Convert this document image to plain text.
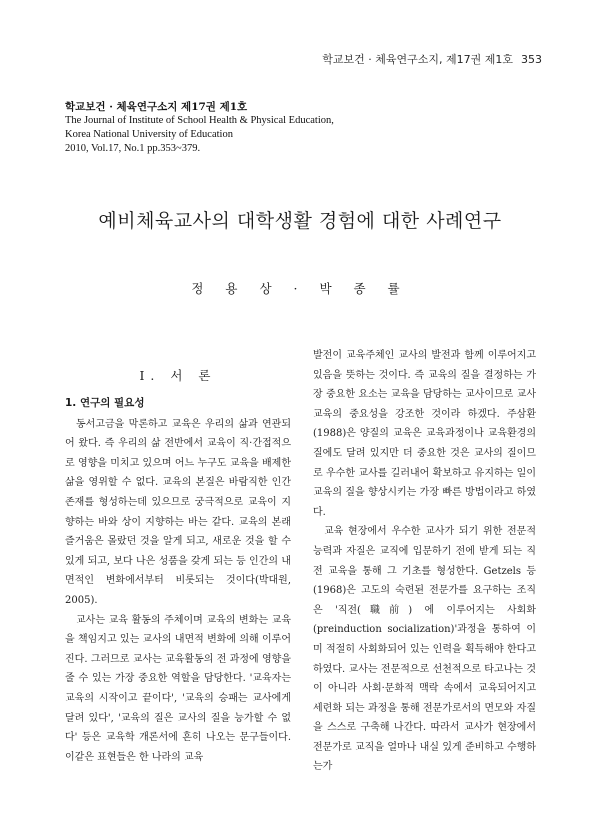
학교보건 · 체육연구소지, 제17권 제1호 353
학교보건 · 체육연구소지 제17권 제1호
The Journal of Institute of School Health & Physical Education,
Korea National University of Education
2010, Vol.17, No.1 pp.353~379.
예비체육교사의 대학생활 경험에 대한 사례연구
정 용 상 · 박 종 률
Ⅰ. 서 론
1. 연구의 필요성

동서고금을 막론하고 교육은 우리의 삶과 연관되어 왔다. 즉 우리의 삶 전반에서 교육이 직·간접적으로 영향을 미치고 있으며 어느 누구도 교육을 배제한 삶을 영위할 수 없다. 교육의 본질은 바람직한 인간 존재를 형성하는데 있으므로 궁극적으로 교육이 지향하는 바와 상이 지향하는 바는 같다. 교육의 본래 즐거움은 몰랐던 것을 알게 되고, 새로운 것을 할 수 있게 되고, 보다 나은 성품을 갖게 되는 등 인간의 내면적인 변화에서부터 비롯되는 것이다(박대원, 2005).

교사는 교육 활동의 주체이며 교육의 변화는 교육을 책임지고 있는 교사의 내면적 변화에 의해 이루어진다. 그러므로 교사는 교육활동의 전 과정에 영향을 줄 수 있는 가장 중요한 역할을 담당한다. '교육자는 교육의 시작이고 끝이다', '교육의 승패는 교사에게 달려 있다', '교육의 질은 교사의 질을 능가할 수 없다' 등은 교육학 개론서에 흔히 나오는 문구들이다. 이같은 표현들은 한 나라의 교육

발전이 교육주체인 교사의 발전과 함께 이루어지고 있음을 뜻하는 것이다. 즉 교육의 질을 결정하는 가장 중요한 요소는 교육을 담당하는 교사이므로 교사 교육의 중요성을 강조한 것이라 하겠다. 주삼환(1988)은 양질의 교육은 교육과정이나 교육환경의 질에도 달려 있지만 더 중요한 것은 교사의 질이므로 우수한 교사를 길러내어 확보하고 유지하는 일이 교육의 질을 향상시키는 가장 빠른 방법이라고 하였다.

교육 현장에서 우수한 교사가 되기 위한 전문적 능력과 자질은 교직에 입문하기 전에 받게 되는 직전 교육을 통해 그 기초를 형성한다. Getzels 등(1968)은 고도의 숙련된 전문가를 요구하는 조직은 '직전(職前) 에 이루어지는 사회화(preinduction socialization)'과정을 통하여 이미 적절히 사회화되어 있는 인력을 획득해야 한다고 하였다. 교사는 전문적으로 선천적으로 타고나는 것이 아니라 사회·문화적 맥락 속에서 교육되어지고 세련화 되는 과정을 통해 전문가로서의 면모와 자질을 스스로 구축해 나간다. 따라서 교사가 현장에서 전문가로 교직을 얼마나 내실 있게 준비하고 수행하는가
